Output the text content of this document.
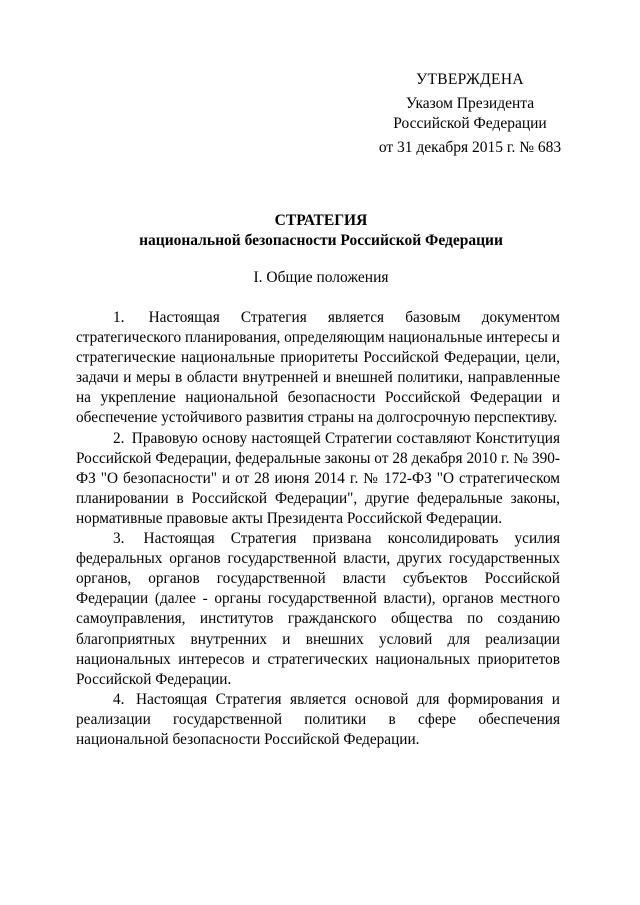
УТВЕРЖДЕНА
Указом Президента
Российской Федерации
от 31 декабря 2015 г. № 683
СТРАТЕГИЯ
национальной безопасности Российской Федерации
I. Общие положения

1. Настоящая Стратегия является базовым документом стратегического планирования, определяющим национальные интересы и стратегические национальные приоритеты Российской Федерации, цели, задачи и меры в области внутренней и внешней политики, направленные на укрепление национальной безопасности Российской Федерации и обеспечение устойчивого развития страны на долгосрочную перспективу.

2. Правовую основу настоящей Стратегии составляют Конституция Российской Федерации, федеральные законы от 28 декабря 2010 г. № 390-ФЗ "О безопасности" и от 28 июня 2014 г. № 172-ФЗ "О стратегическом планировании в Российской Федерации", другие федеральные законы, нормативные правовые акты Президента Российской Федерации.

3. Настоящая Стратегия призвана консолидировать усилия федеральных органов государственной власти, других государственных органов, органов государственной власти субъектов Российской Федерации (далее - органы государственной власти), органов местного самоуправления, институтов гражданского общества по созданию благоприятных внутренних и внешних условий для реализации национальных интересов и стратегических национальных приоритетов Российской Федерации.

4. Настоящая Стратегия является основой для формирования и реализации государственной политики в сфере обеспечения национальной безопасности Российской Федерации.
